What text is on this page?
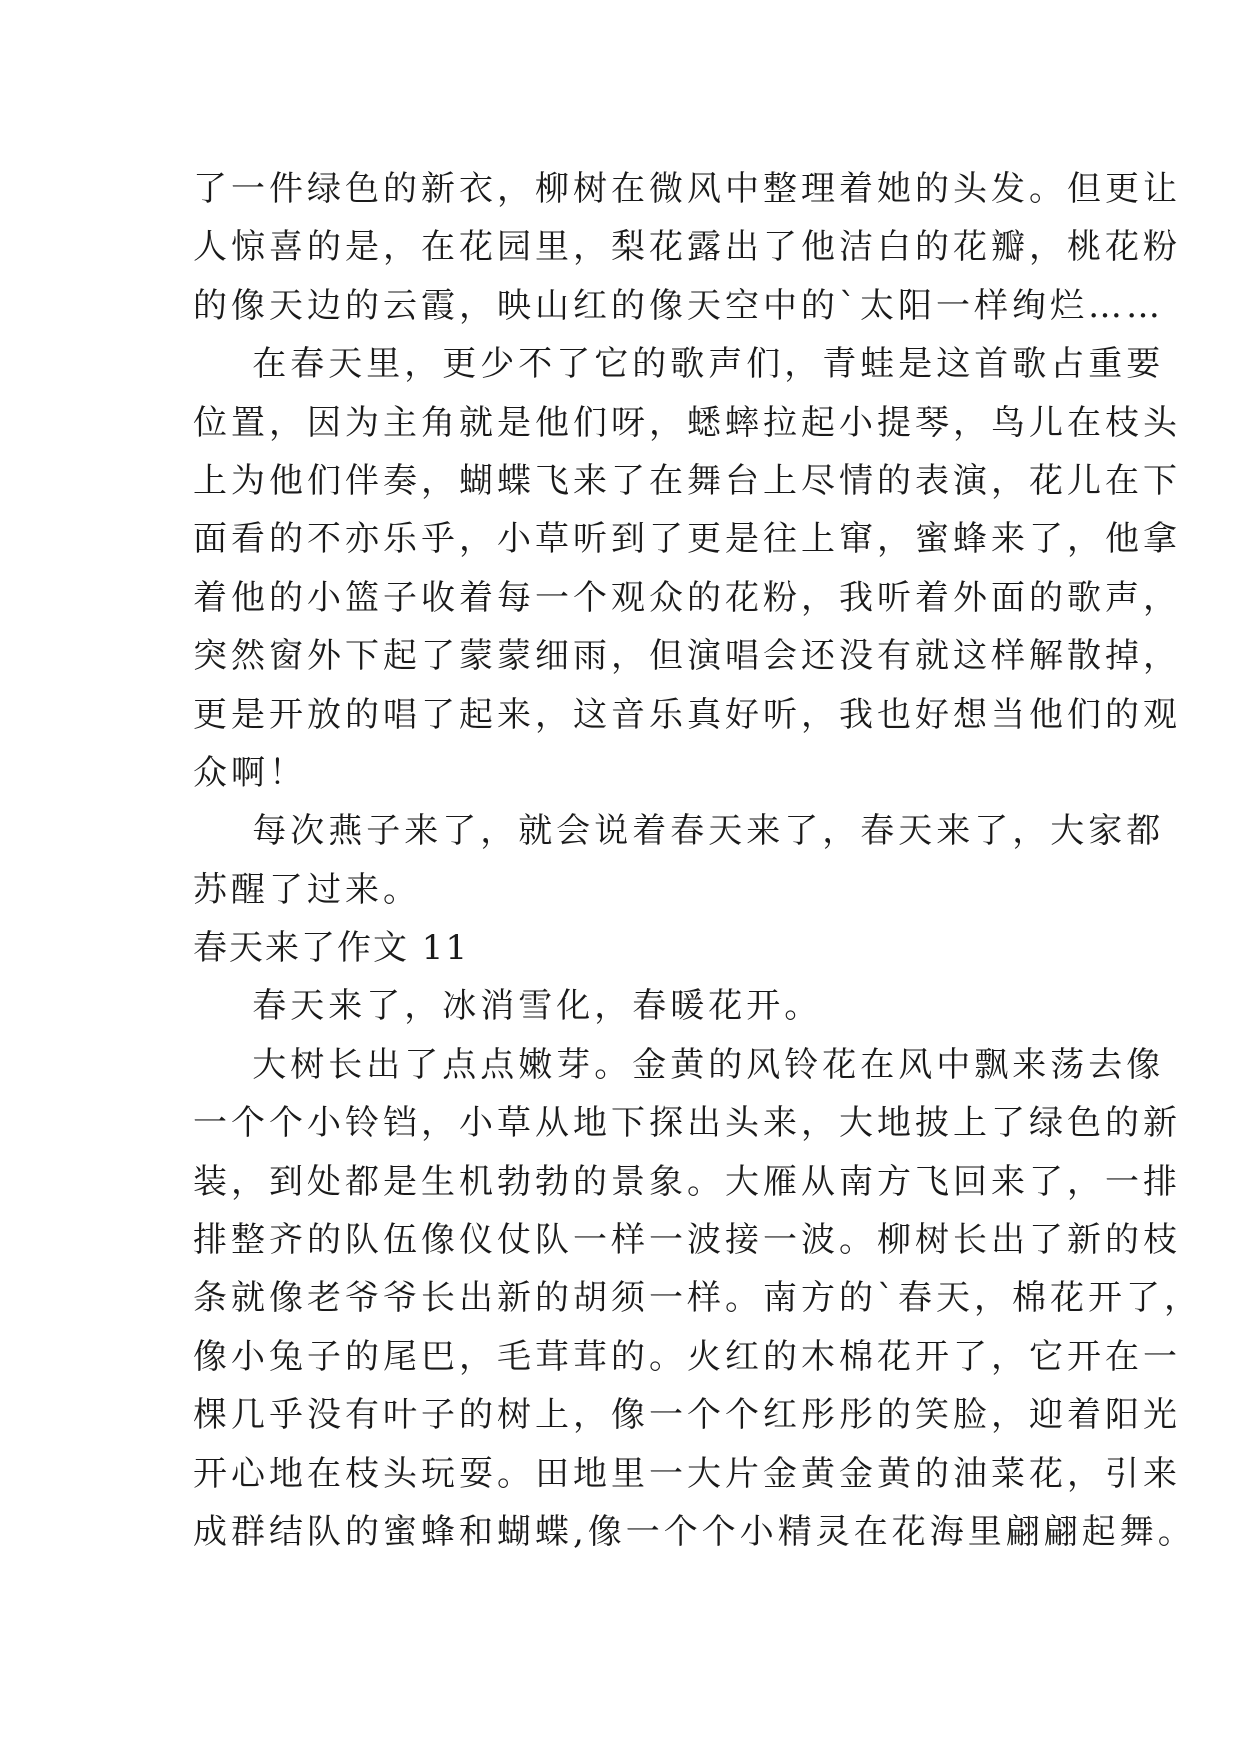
了一件绿色的新衣，柳树在微风中整理着她的头发。但更让
人惊喜的是，在花园里，梨花露出了他洁白的花瓣，桃花粉
的像天边的云霞，映山红的像天空中的`太阳一样绚烂……
在春天里，更少不了它的歌声们，青蛙是这首歌占重要
位置，因为主角就是他们呀，蟋蟀拉起小提琴，鸟儿在枝头
上为他们伴奏，蝴蝶飞来了在舞台上尽情的表演，花儿在下
面看的不亦乐乎，小草听到了更是往上窜，蜜蜂来了，他拿
着他的小篮子收着每一个观众的花粉，我听着外面的歌声，
突然窗外下起了蒙蒙细雨，但演唱会还没有就这样解散掉，
更是开放的唱了起来，这音乐真好听，我也好想当他们的观
众啊！
每次燕子来了，就会说着春天来了，春天来了，大家都
苏醒了过来。
春天来了作文 11
春天来了，冰消雪化，春暖花开。
大树长出了点点嫩芽。金黄的风铃花在风中飘来荡去像
一个个小铃铛，小草从地下探出头来，大地披上了绿色的新
装，到处都是生机勃勃的景象。大雁从南方飞回来了，一排
排整齐的队伍像仪仗队一样一波接一波。柳树长出了新的枝
条就像老爷爷长出新的胡须一样。南方的`春天，棉花开了，
像小兔子的尾巴，毛茸茸的。火红的木棉花开了，它开在一
棵几乎没有叶子的树上，像一个个红彤彤的笑脸，迎着阳光
开心地在枝头玩耍。田地里一大片金黄金黄的油菜花，引来
成群结队的蜜蜂和蝴蝶,像一个个小精灵在花海里翩翩起舞。
